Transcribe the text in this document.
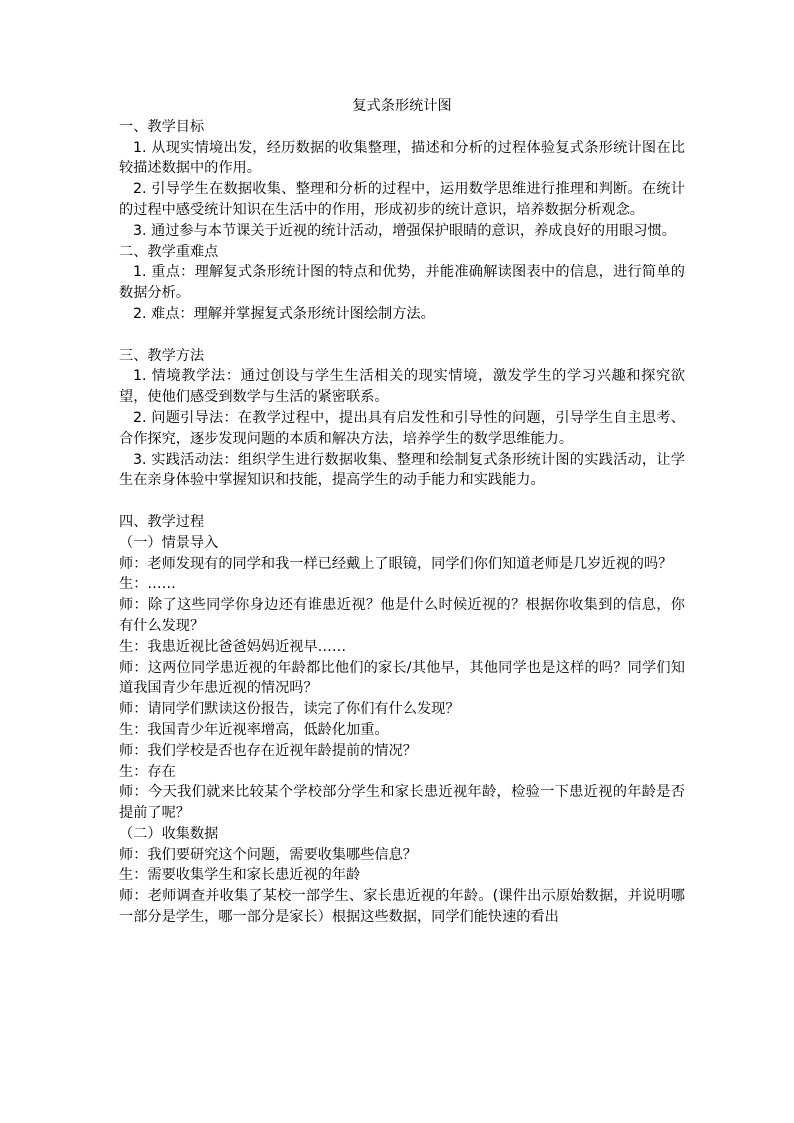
复式条形统计图

一、教学目标

1. 从现实情境出发，经历数据的收集整理，描述和分析的过程体验复式条形统计图在比较描述数据中的作用。

2. 引导学生在数据收集、整理和分析的过程中，运用数学思维进行推理和判断。在统计的过程中感受统计知识在生活中的作用，形成初步的统计意识，培养数据分析观念。

3. 通过参与本节课关于近视的统计活动，增强保护眼睛的意识，养成良好的用眼习惯。

二、教学重难点

1. 重点：理解复式条形统计图的特点和优势，并能准确解读图表中的信息，进行简单的数据分析。

2. 难点：理解并掌握复式条形统计图绘制方法。

三、教学方法

1. 情境教学法：通过创设与学生生活相关的现实情境，激发学生的学习兴趣和探究欲望，使他们感受到数学与生活的紧密联系。

2. 问题引导法：在教学过程中，提出具有启发性和引导性的问题，引导学生自主思考、合作探究，逐步发现问题的本质和解决方法，培养学生的数学思维能力。

3. 实践活动法：组织学生进行数据收集、整理和绘制复式条形统计图的实践活动，让学生在亲身体验中掌握知识和技能，提高学生的动手能力和实践能力。

四、教学过程

（一）情景导入

师：老师发现有的同学和我一样已经戴上了眼镜，同学们你们知道老师是几岁近视的吗？

生：……

师：除了这些同学你身边还有谁患近视？他是什么时候近视的？根据你收集到的信息，你有什么发现？

生：我患近视比爸爸妈妈近视早……

师：这两位同学患近视的年龄都比他们的家长/其他早，其他同学也是这样的吗？同学们知道我国青少年患近视的情况吗？

师：请同学们默读这份报告，读完了你们有什么发现？

生：我国青少年近视率增高，低龄化加重。

师：我们学校是否也存在近视年龄提前的情况？

生：存在

师：今天我们就来比较某个学校部分学生和家长患近视年龄，检验一下患近视的年龄是否提前了呢？

（二）收集数据

师：我们要研究这个问题，需要收集哪些信息？

生：需要收集学生和家长患近视的年龄

师：老师调查并收集了某校一部学生、家长患近视的年龄。(课件出示原始数据，并说明哪一部分是学生，哪一部分是家长）根据这些数据，同学们能快速的看出
